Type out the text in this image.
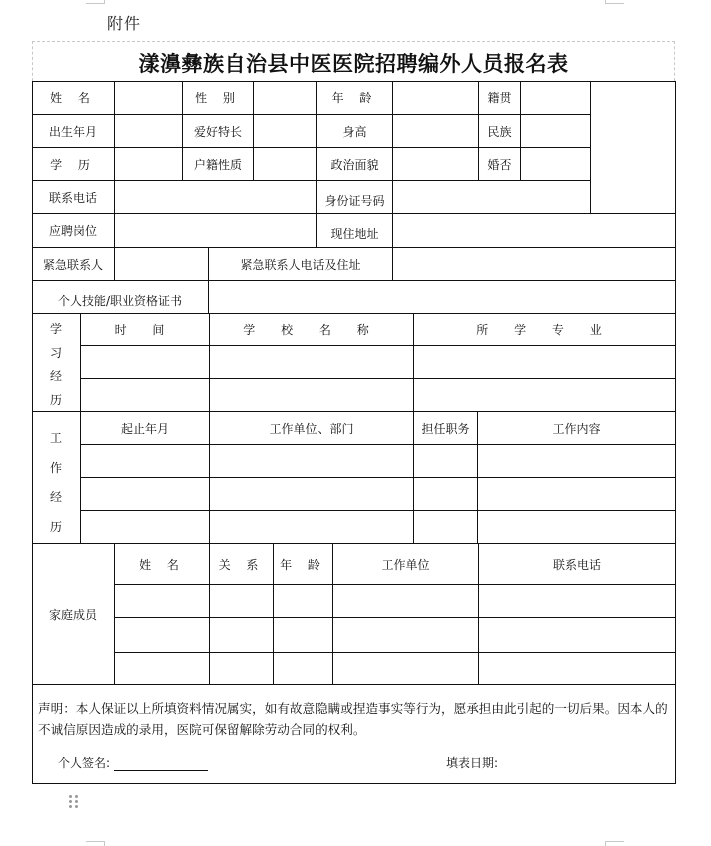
附件
漾濞彝族自治县中医医院招聘编外人员报名表
姓 名	性 别	年 龄	籍贯
出生年月	爱好特长	身高	民族
学 历	户籍性质	政治面貌	婚否
联系电话	身份证号码
应聘岗位	现住地址
紧急联系人	紧急联系人电话及住址
个人技能/职业资格证书
学
习
经
历
时 间	学 校 名 称	所 学 专 业
工
作
经
历
起止年月	工作单位、部门	担任职务	工作内容
家庭成员
姓 名	关 系	年 龄	工作单位	联系电话
声明：本人保证以上所填资料情况属实，如有故意隐瞒或捏造事实等行为，愿承担由此引起的一切后果。因本人的不诚信原因造成的录用，医院可保留解除劳动合同的权利。
个人签名:	填表日期:
